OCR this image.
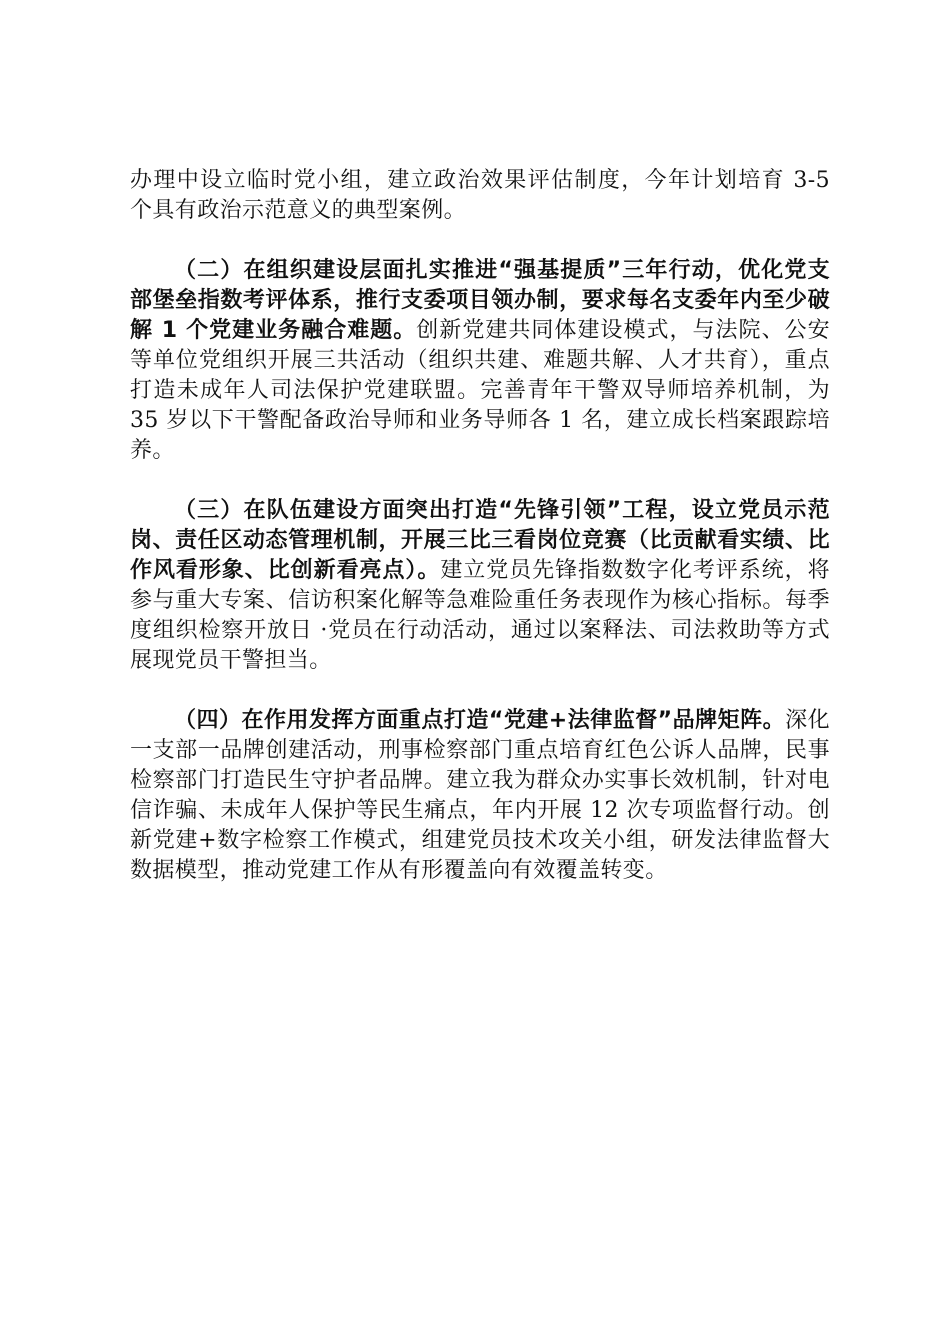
办理中设立临时党小组，建立政治效果评估制度，今年计划培育 3-5 个具有政治示范意义的典型案例。

（二）在组织建设层面扎实推进“强基提质”三年行动，优化党支部堡垒指数考评体系，推行支委项目领办制，要求每名支委年内至少破解 1 个党建业务融合难题。创新党建共同体建设模式，与法院、公安等单位党组织开展三共活动（组织共建、难题共解、人才共育），重点打造未成年人司法保护党建联盟。完善青年干警双导师培养机制，为 35 岁以下干警配备政治导师和业务导师各 1 名，建立成长档案跟踪培养。

（三）在队伍建设方面突出打造“先锋引领”工程，设立党员示范岗、责任区动态管理机制，开展三比三看岗位竞赛（比贡献看实绩、比作风看形象、比创新看亮点）。建立党员先锋指数数字化考评系统，将参与重大专案、信访积案化解等急难险重任务表现作为核心指标。每季度组织检察开放日 ·党员在行动活动，通过以案释法、司法救助等方式展现党员干警担当。

（四）在作用发挥方面重点打造“党建+法律监督”品牌矩阵。深化一支部一品牌创建活动，刑事检察部门重点培育红色公诉人品牌，民事检察部门打造民生守护者品牌。建立我为群众办实事长效机制，针对电信诈骗、未成年人保护等民生痛点，年内开展 12 次专项监督行动。创新党建+数字检察工作模式，组建党员技术攻关小组，研发法律监督大数据模型，推动党建工作从有形覆盖向有效覆盖转变。
